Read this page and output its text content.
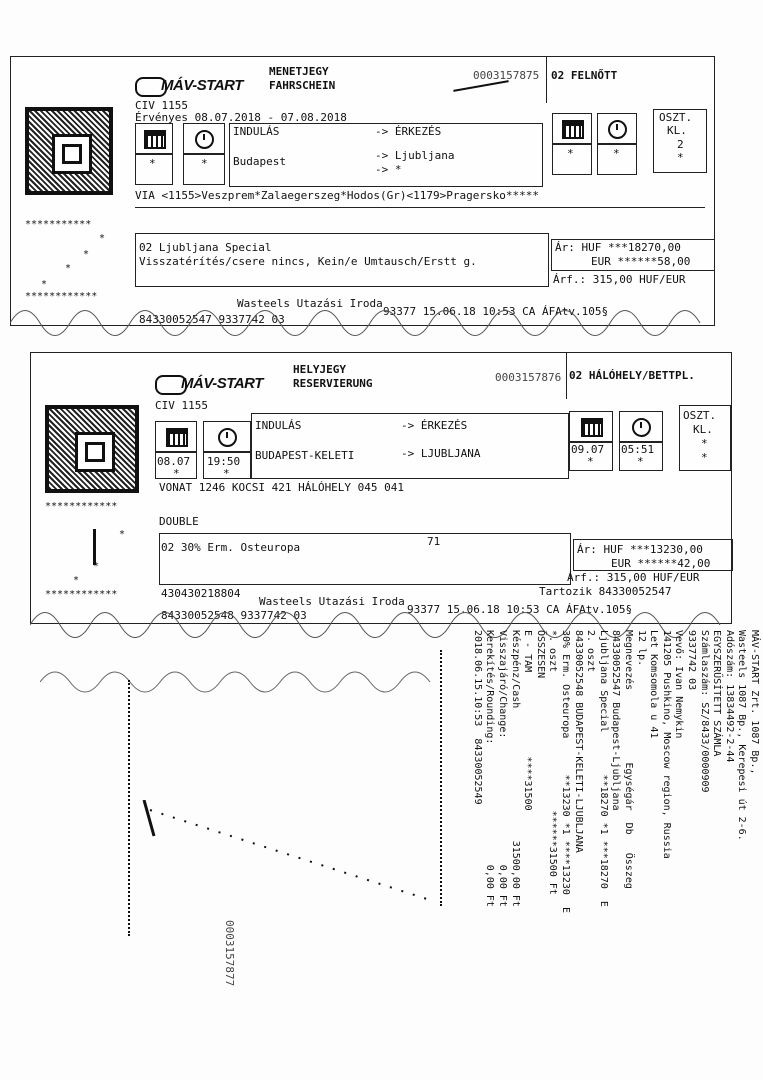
MÁV-START
MENETJEGY
FAHRSCHEIN
0003157875 02 FELNŐTT
CIV 1155
Érvényes 08.07.2018 - 07.08.2018
INDULÁS	-> ÉRKEZÉS
OSZT.
KL.
2
*
*	* Budapest	-> Ljubljana
-> *
*	*
VIA <1155>Veszprem*Zalaegerszeg*Hodos(Gr)<1179>Pragersko*****
***********
*
*
*
*
************
02 Ljubljana Special
Visszatérítés/csere nincs, Kein/e Umtausch/Erstt g.
Ár: HUF ***18270,00
EUR ******58,00
Árf.: 315,00 HUF/EUR
Wasteels Utazási Iroda
84330052547 9337742 03
93377 15.06.18 10:53 CA ÁFAtv.105§
MÁV-START
HELYJEGY
RESERVIERUNG	0003157876 02 HÁLÓHELY/BETTPL.
CIV 1155
INDULÁS	-> ÉRKEZÉS
OSZT.
KL.
*
*
08.07 19:50 BUDAPEST-KELETI	-> LJUBLJANA	09.07 05:51
*	*
*	*
VONAT 1246 KOCSI 421 HÁLÓHELY 045 041
DOUBLE
************
*
*
*
************
02 30% Erm. Osteuropa	71
Ár: HUF ***13230,00
EUR ******42,00
Árf.: 315,00 HUF/EUR
430430218804	Tartozik 84330052547
Wasteels Utazási Iroda
84330052548 9337742 03	93377 15.06.18 10:53 CA ÁFAtv.105§
MÁV-START Zrt. 1087 Bp.,
Wasteels 1087 Bp., Kerepesi út 2-6.
Adószám: 13834492-2-44
EGYSZERŰSÍTETT SZÁMLA
Számlaszám: SZ/8433/0000909
9337742 03
Vevő: Ivan Nemykin
141205 Pushkino, Moscow region, Russia
Let Komsomola u 41
12 lp.
Megnevezés            Egységár  Db   Összeg
84330052547 Budapest-Ljubljana
Ljubljana Special       **18270 *1 ***18270  E
2. oszt
84330052548 BUDAPEST-KELETI-LJUBLJANA
30% Erm. Osteuropa      **13230 *1 ****13230  E
*. oszt                       ******31500 Ft
ÖSSZESEN
E - TAM              ****31500
Készpénz/Cash                      31500,00 Ft
Visszajáró/Change:                     0,00 Ft
Kerekítés/Rounding:                    0,00 Ft
2018.06.15.10:53  84330052549
0003157877
